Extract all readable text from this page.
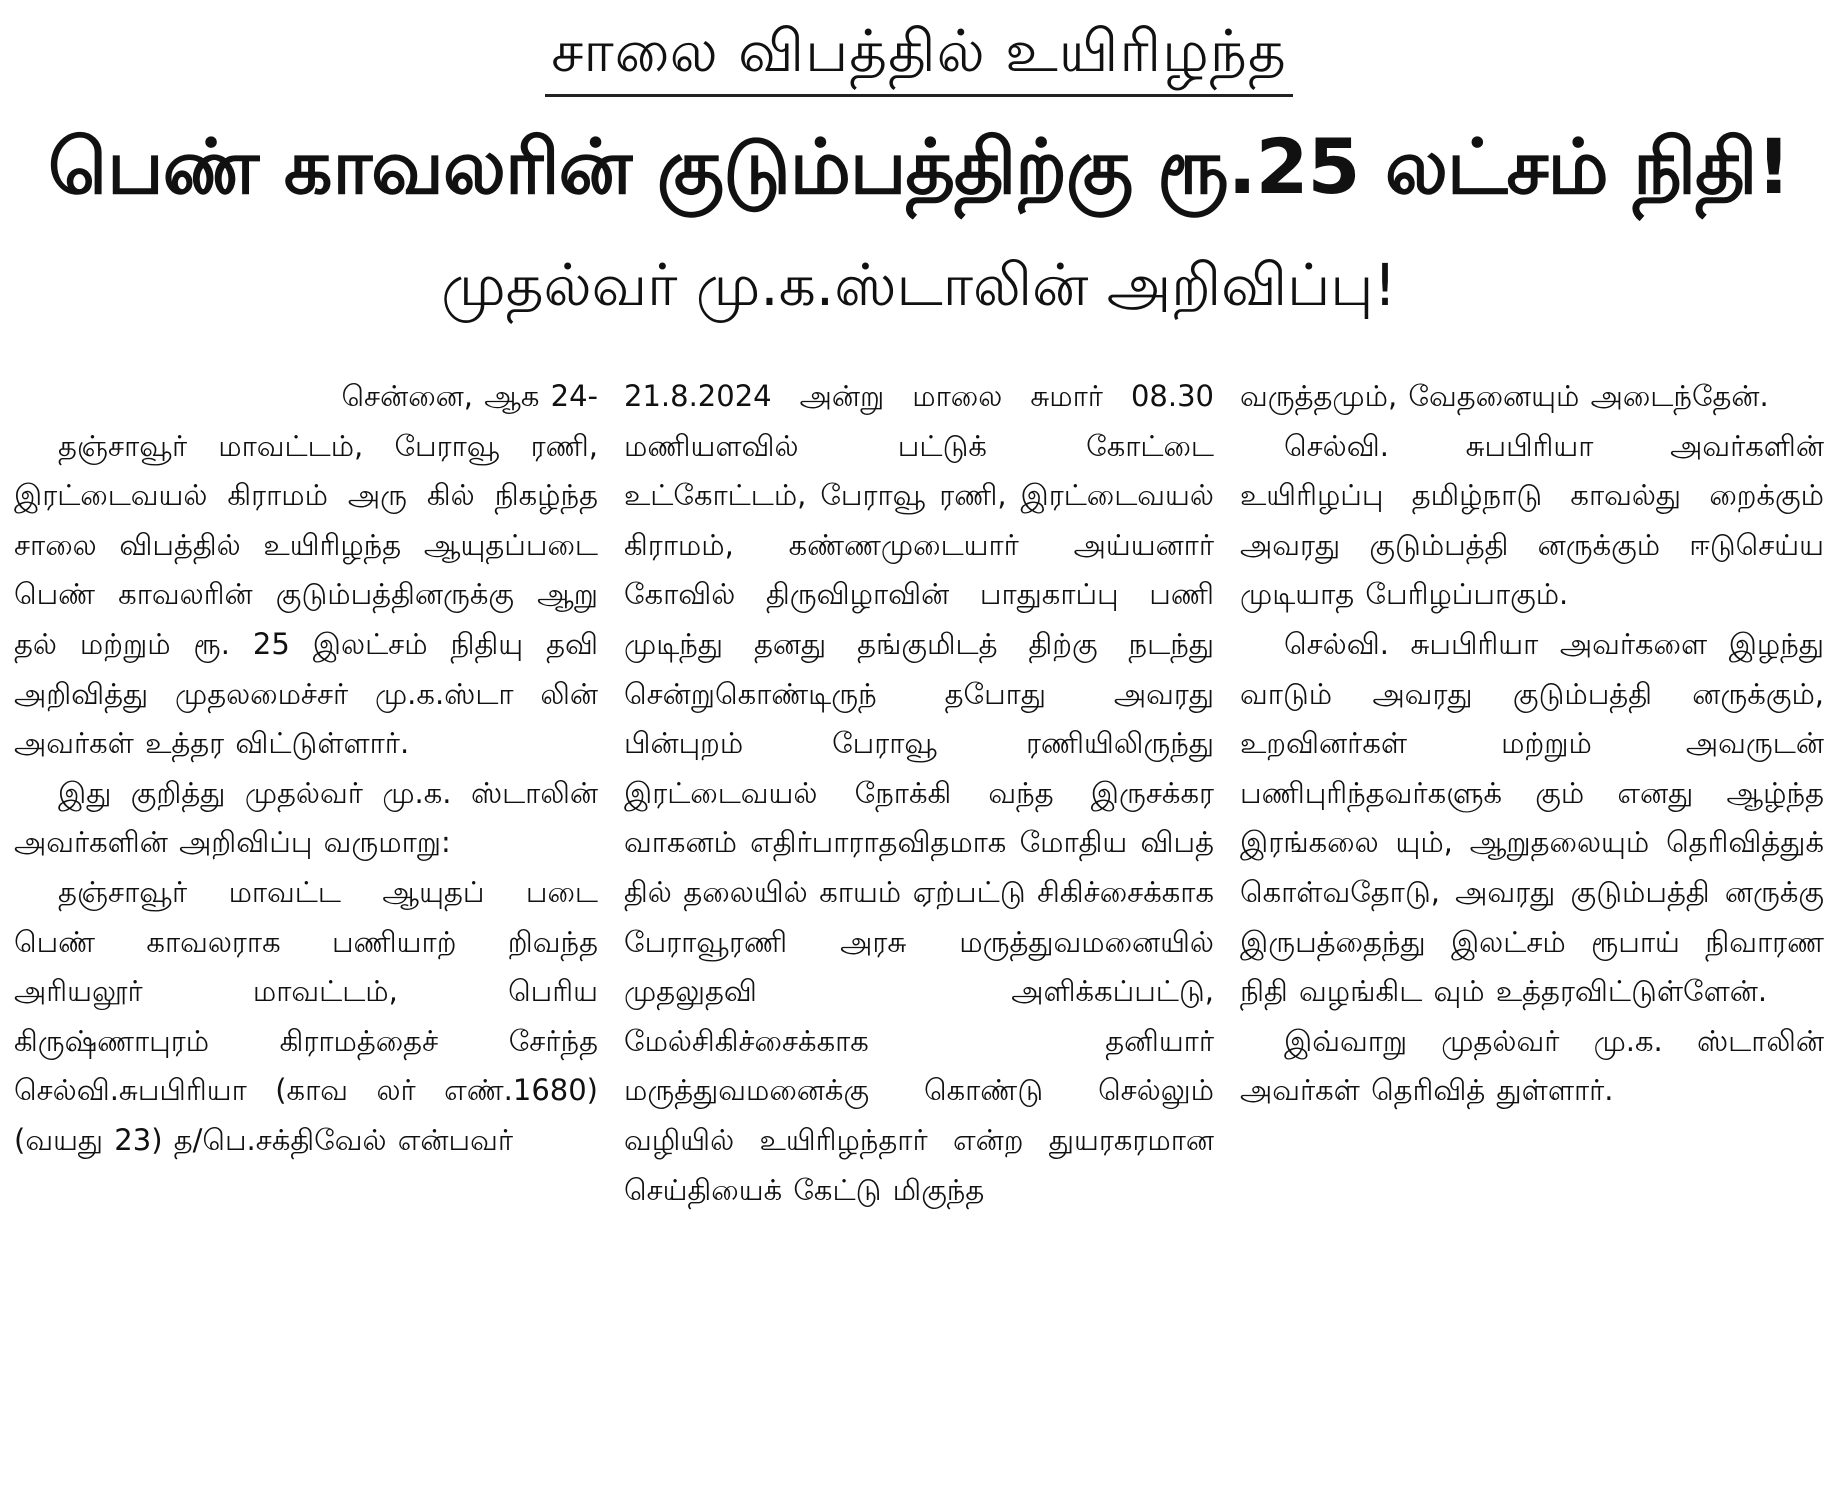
சாலை விபத்தில் உயிரிழந்த
பெண் காவலரின் குடும்பத்திற்கு ரூ.25 லட்சம் நிதி!
முதல்வர் மு.க.ஸ்டாலின் அறிவிப்பு!

சென்னை, ஆக 24-

தஞ்சாவூர் மாவட்டம், பேராவூ ரணி, இரட்டைவயல் கிராமம் அரு கில் நிகழ்ந்த சாலை விபத்தில் உயிரிழந்த ஆயுதப்படை பெண் காவலரின் குடும்பத்தினருக்கு ஆறு தல் மற்றும் ரூ. 25 இலட்சம் நிதியு தவி அறிவித்து முதலமைச்சர் மு.க.ஸ்டா லின் அவர்கள் உத்தர விட்டுள்ளார்.

இது குறித்து முதல்வர் மு.க. ஸ்டாலின் அவர்களின் அறிவிப்பு வருமாறு:

தஞ்சாவூர் மாவட்ட ஆயுதப் படை பெண் காவலராக பணியாற் றிவந்த அரியலூர் மாவட்டம், பெரிய கிருஷ்ணாபுரம் கிராமத்தைச் சேர்ந்த செல்வி.சுபபிரியா (காவ லர் எண்.1680) (வயது 23) த/பெ.சக்திவேல் என்பவர்

21.8.2024 அன்று மாலை சுமார் 08.30 மணியளவில் பட்டுக் கோட்டை உட்கோட்டம், பேராவூ ரணி, இரட்டைவயல் கிராமம், கண்ணமுடையார் அய்யனார் கோவில் திருவிழாவின் பாதுகாப்பு பணி முடிந்து தனது தங்குமிடத் திற்கு நடந்து சென்றுகொண்டிருந் தபோது அவரது பின்புறம் பேராவூ ரணியிலிருந்து இரட்டைவயல் நோக்கி வந்த இருசக்கர வாகனம் எதிர்பாராதவிதமாக மோதிய விபத் தில் தலையில் காயம் ஏற்பட்டு சிகிச்சைக்காக பேராவூரணி அரசு மருத்துவமனையில் முதலுதவி அளிக்கப்பட்டு, மேல்சிகிச்சைக்காக தனியார் மருத்துவமனைக்கு கொண்டு செல்லும் வழியில் உயிரிழந்தார் என்ற துயரகரமான செய்தியைக் கேட்டு மிகுந்த

வருத்தமும், வேதனையும் அடைந்தேன்.

செல்வி. சுபபிரியா அவர்களின் உயிரிழப்பு தமிழ்நாடு காவல்து றைக்கும் அவரது குடும்பத்தி னருக்கும் ஈடுசெய்ய முடியாத பேரிழப்பாகும்.

செல்வி. சுபபிரியா அவர்களை இழந்து வாடும் அவரது குடும்பத்தி னருக்கும், உறவினர்கள் மற்றும் அவருடன் பணிபுரிந்தவர்களுக் கும் எனது ஆழ்ந்த இரங்கலை யும், ஆறுதலையும் தெரிவித்துக் கொள்வதோடு, அவரது குடும்பத்தி னருக்கு இருபத்தைந்து இலட்சம் ரூபாய் நிவாரண நிதி வழங்கிட வும் உத்தரவிட்டுள்ளேன்.

இவ்வாறு முதல்வர் மு.க. ஸ்டாலின் அவர்கள் தெரிவித் துள்ளார்.
